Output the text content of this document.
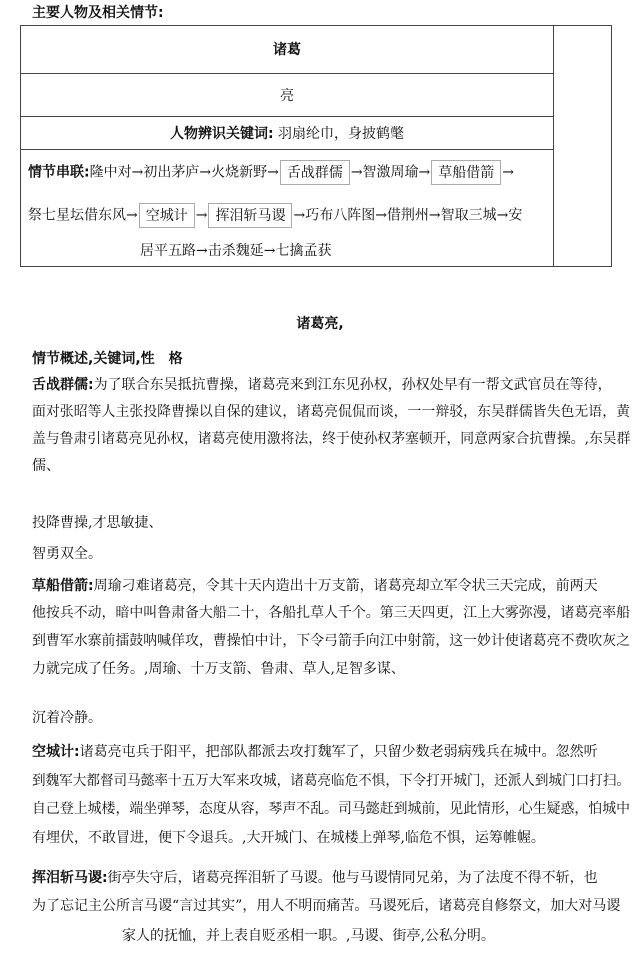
主要人物及相关情节:
诸葛
亮
人物辨识关键词: 羽扇纶巾，身披鹤氅
情节串联:隆中对→初出茅庐→火烧新野→ 舌战群儒 →智激周瑜→ 草船借箭 →
祭七星坛借东风→ 空城计 → 挥泪斩马谡 →巧布八阵图→借荆州→智取三城→安
居平五路→击杀魏延→七擒孟获
诸葛亮,
情节概述,关键词,性　格
舌战群儒:为了联合东吴抵抗曹操，诸葛亮来到江东见孙权，孙权处早有一帮文武官员在等待，
面对张昭等人主张投降曹操以自保的建议，诸葛亮侃侃而谈，一一辩驳，东吴群儒皆失色无语，黄
盖与鲁肃引诸葛亮见孙权，诸葛亮使用激将法，终于使孙权茅塞顿开，同意两家合抗曹操。,东吴群
儒、
投降曹操,才思敏捷、
智勇双全。
草船借箭:周瑜刁难诸葛亮，令其十天内造出十万支箭，诸葛亮却立军令状三天完成，前两天
他按兵不动，暗中叫鲁肃备大船二十，各船扎草人千个。第三天四更，江上大雾弥漫，诸葛亮率船
到曹军水寨前擂鼓呐喊佯攻，曹操怕中计，下令弓箭手向江中射箭，这一妙计使诸葛亮不费吹灰之
力就完成了任务。,周瑜、十万支箭、鲁肃、草人,足智多谋、
沉着冷静。
空城计:诸葛亮屯兵于阳平，把部队都派去攻打魏军了，只留少数老弱病残兵在城中。忽然听
到魏军大都督司马懿率十五万大军来攻城，诸葛亮临危不惧，下令打开城门，还派人到城门口打扫。
自己登上城楼，端坐弹琴，态度从容，琴声不乱。司马懿赶到城前，见此情形，心生疑惑，怕城中
有埋伏，不敢冒进，便下令退兵。,大开城门、在城楼上弹琴,临危不惧，运筹帷幄。
挥泪斩马谡:街亭失守后，诸葛亮挥泪斩了马谡。他与马谡情同兄弟，为了法度不得不斩，也
为了忘记主公所言马谡“言过其实”，用人不明而痛苦。马谡死后，诸葛亮自修祭文，加大对马谡
家人的抚恤，并上表自贬丞相一职。,马谡、街亭,公私分明。
